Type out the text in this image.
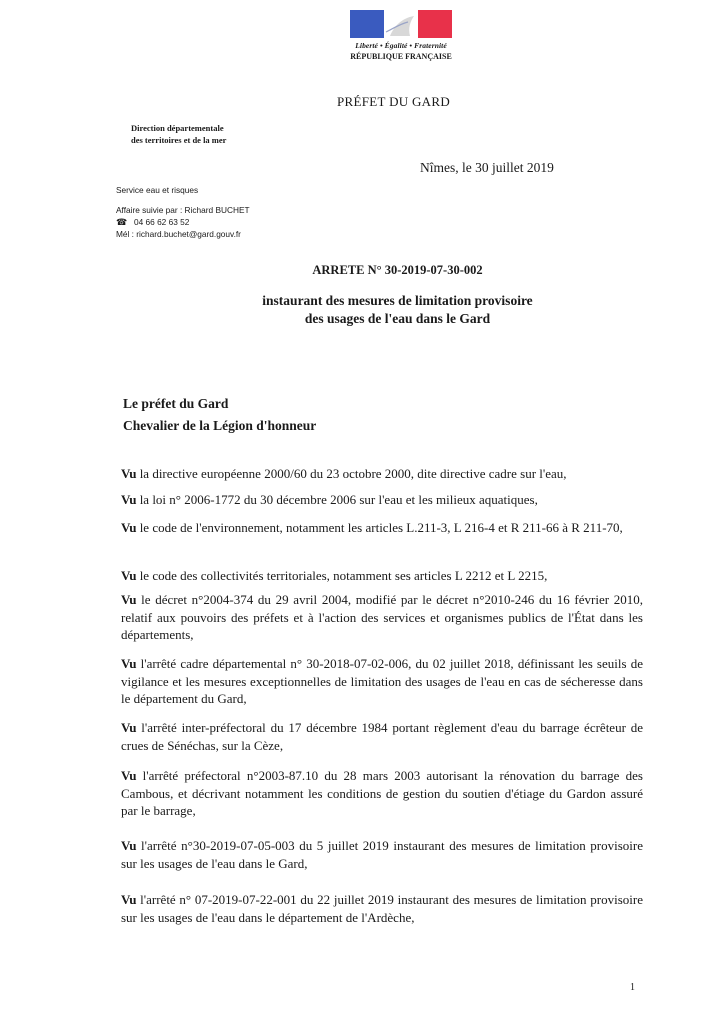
Liberté • Égalité • Fraternité
RÉPUBLIQUE FRANÇAISE
PRÉFET DU GARD
Direction départementale
des territoires et de la mer
Nîmes, le 30 juillet 2019
Service eau et risques
Affaire suivie par : Richard BUCHET
☎ 04 66 62 63 52
Mél : richard.buchet@gard.gouv.fr
ARRETE N° 30-2019-07-30-002
instaurant des mesures de limitation provisoire
des usages de l'eau dans le Gard
Le préfet du Gard
Chevalier de la Légion d'honneur

Vu la directive européenne 2000/60 du 23 octobre 2000, dite directive cadre sur l'eau,

Vu la loi n° 2006-1772 du 30 décembre 2006 sur l'eau et les milieux aquatiques,

Vu le code de l'environnement, notamment les articles L.211-3, L 216-4 et R 211-66 à R 211-70,

Vu le code des collectivités territoriales, notamment ses articles L 2212 et L 2215,

Vu le décret n°2004-374 du 29 avril 2004, modifié par le décret n°2010-246 du 16 février 2010, relatif aux pouvoirs des préfets et à l'action des services et organismes publics de l'État dans les départements,

Vu l'arrêté cadre départemental n° 30-2018-07-02-006, du 02 juillet 2018, définissant les seuils de vigilance et les mesures exceptionnelles de limitation des usages de l'eau en cas de sécheresse dans le département du Gard,

Vu l'arrêté inter-préfectoral du 17 décembre 1984 portant règlement d'eau du barrage écrêteur de crues de Sénéchas, sur la Cèze,

Vu l'arrêté préfectoral n°2003-87.10 du 28 mars 2003 autorisant la rénovation du barrage des Cambous, et décrivant notamment les conditions de gestion du soutien d'étiage du Gardon assuré par le barrage,

Vu l'arrêté n°30-2019-07-05-003 du 5 juillet 2019 instaurant des mesures de limitation provisoire sur les usages de l'eau dans le Gard,

Vu l'arrêté n° 07-2019-07-22-001 du 22 juillet 2019 instaurant des mesures de limitation provisoire sur les usages de l'eau dans le département de l'Ardèche,

1
